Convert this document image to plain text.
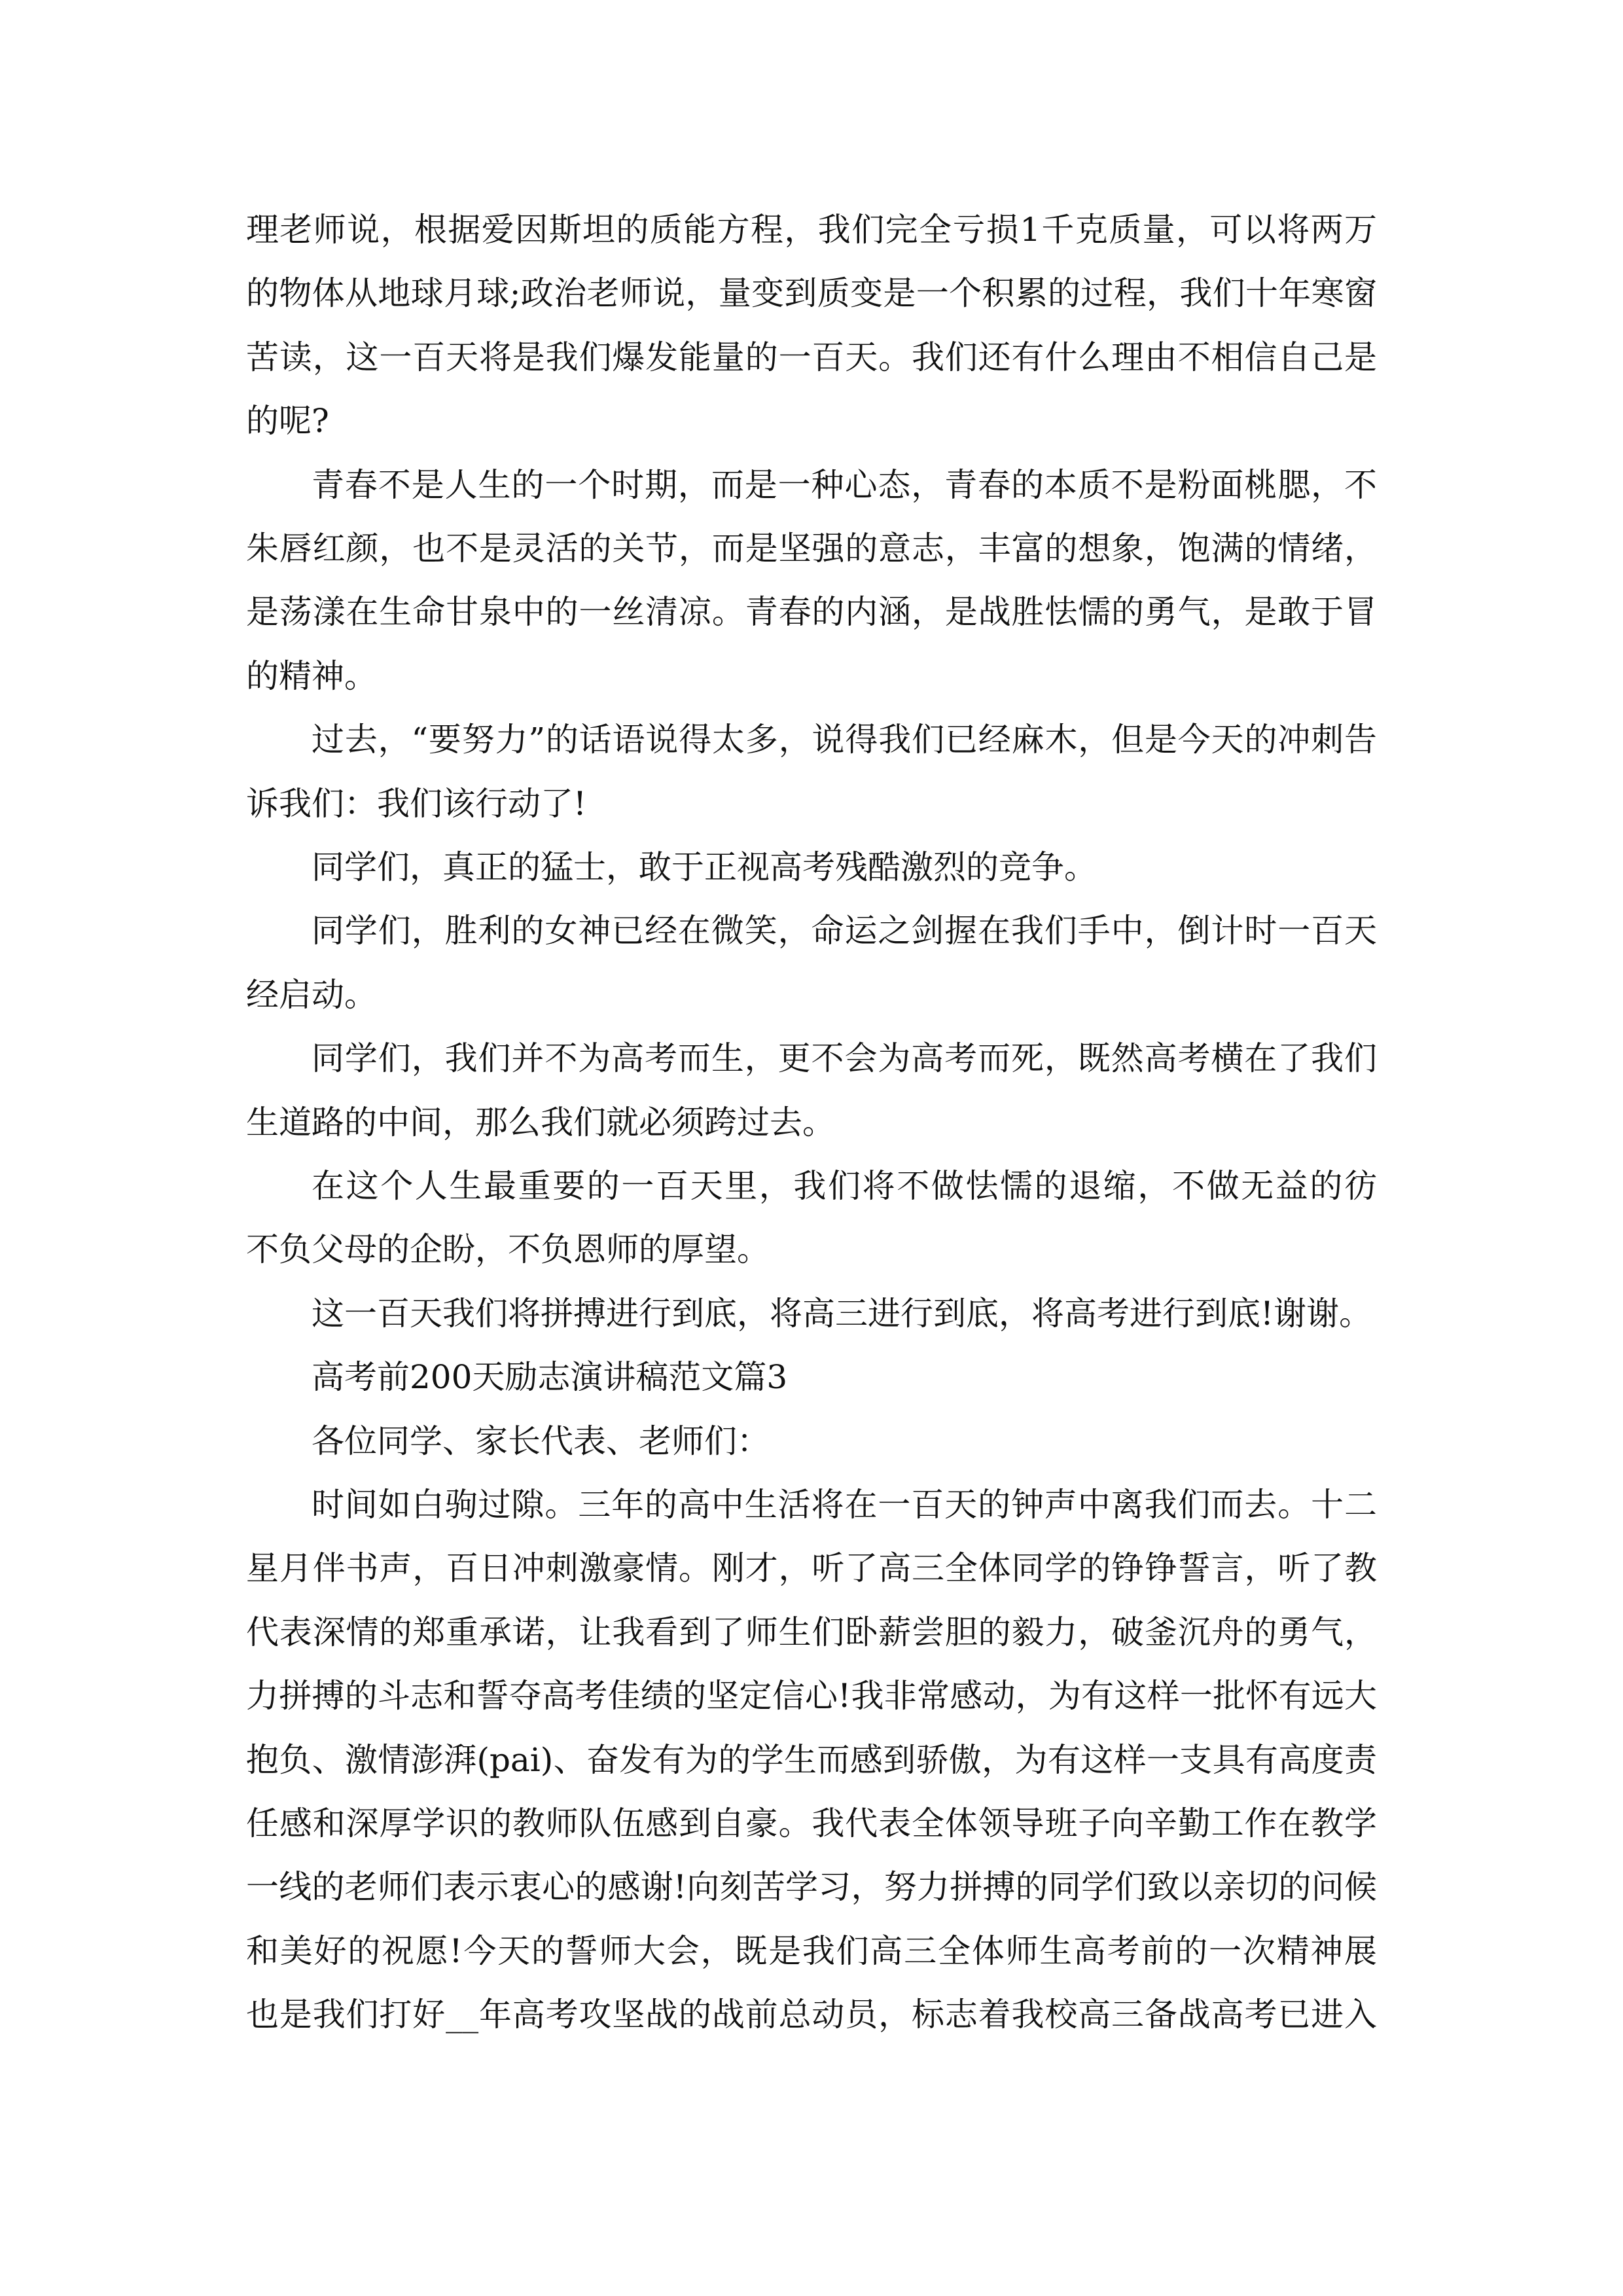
理老师说，根据爱因斯坦的质能方程，我们完全亏损1千克质量，可以将两万
的物体从地球月球;政治老师说，量变到质变是一个积累的过程，我们十年寒窗
苦读，这一百天将是我们爆发能量的一百天。我们还有什么理由不相信自己是
的呢?
青春不是人生的一个时期，而是一种心态，青春的本质不是粉面桃腮，不
朱唇红颜，也不是灵活的关节，而是坚强的意志，丰富的想象，饱满的情绪，
是荡漾在生命甘泉中的一丝清凉。青春的内涵，是战胜怯懦的勇气，是敢于冒
的精神。
过去，“要努力”的话语说得太多，说得我们已经麻木，但是今天的冲刺告
诉我们：我们该行动了!
同学们，真正的猛士，敢于正视高考残酷激烈的竞争。
同学们，胜利的女神已经在微笑，命运之剑握在我们手中，倒计时一百天
经启动。
同学们，我们并不为高考而生，更不会为高考而死，既然高考横在了我们
生道路的中间，那么我们就必须跨过去。
在这个人生最重要的一百天里，我们将不做怯懦的退缩，不做无益的彷
不负父母的企盼，不负恩师的厚望。
这一百天我们将拼搏进行到底，将高三进行到底，将高考进行到底!谢谢。
高考前200天励志演讲稿范文篇3
各位同学、家长代表、老师们：
时间如白驹过隙。三年的高中生活将在一百天的钟声中离我们而去。十二
星月伴书声，百日冲刺激豪情。刚才，听了高三全体同学的铮铮誓言，听了教
代表深情的郑重承诺，让我看到了师生们卧薪尝胆的毅力，破釜沉舟的勇气，
力拼搏的斗志和誓夺高考佳绩的坚定信心!我非常感动，为有这样一批怀有远大
抱负、激情澎湃(pai)、奋发有为的学生而感到骄傲，为有这样一支具有高度责
任感和深厚学识的教师队伍感到自豪。我代表全体领导班子向辛勤工作在教学
一线的老师们表示衷心的感谢!向刻苦学习，努力拼搏的同学们致以亲切的问候
和美好的祝愿!今天的誓师大会，既是我们高三全体师生高考前的一次精神展
也是我们打好__年高考攻坚战的战前总动员，标志着我校高三备战高考已进入
